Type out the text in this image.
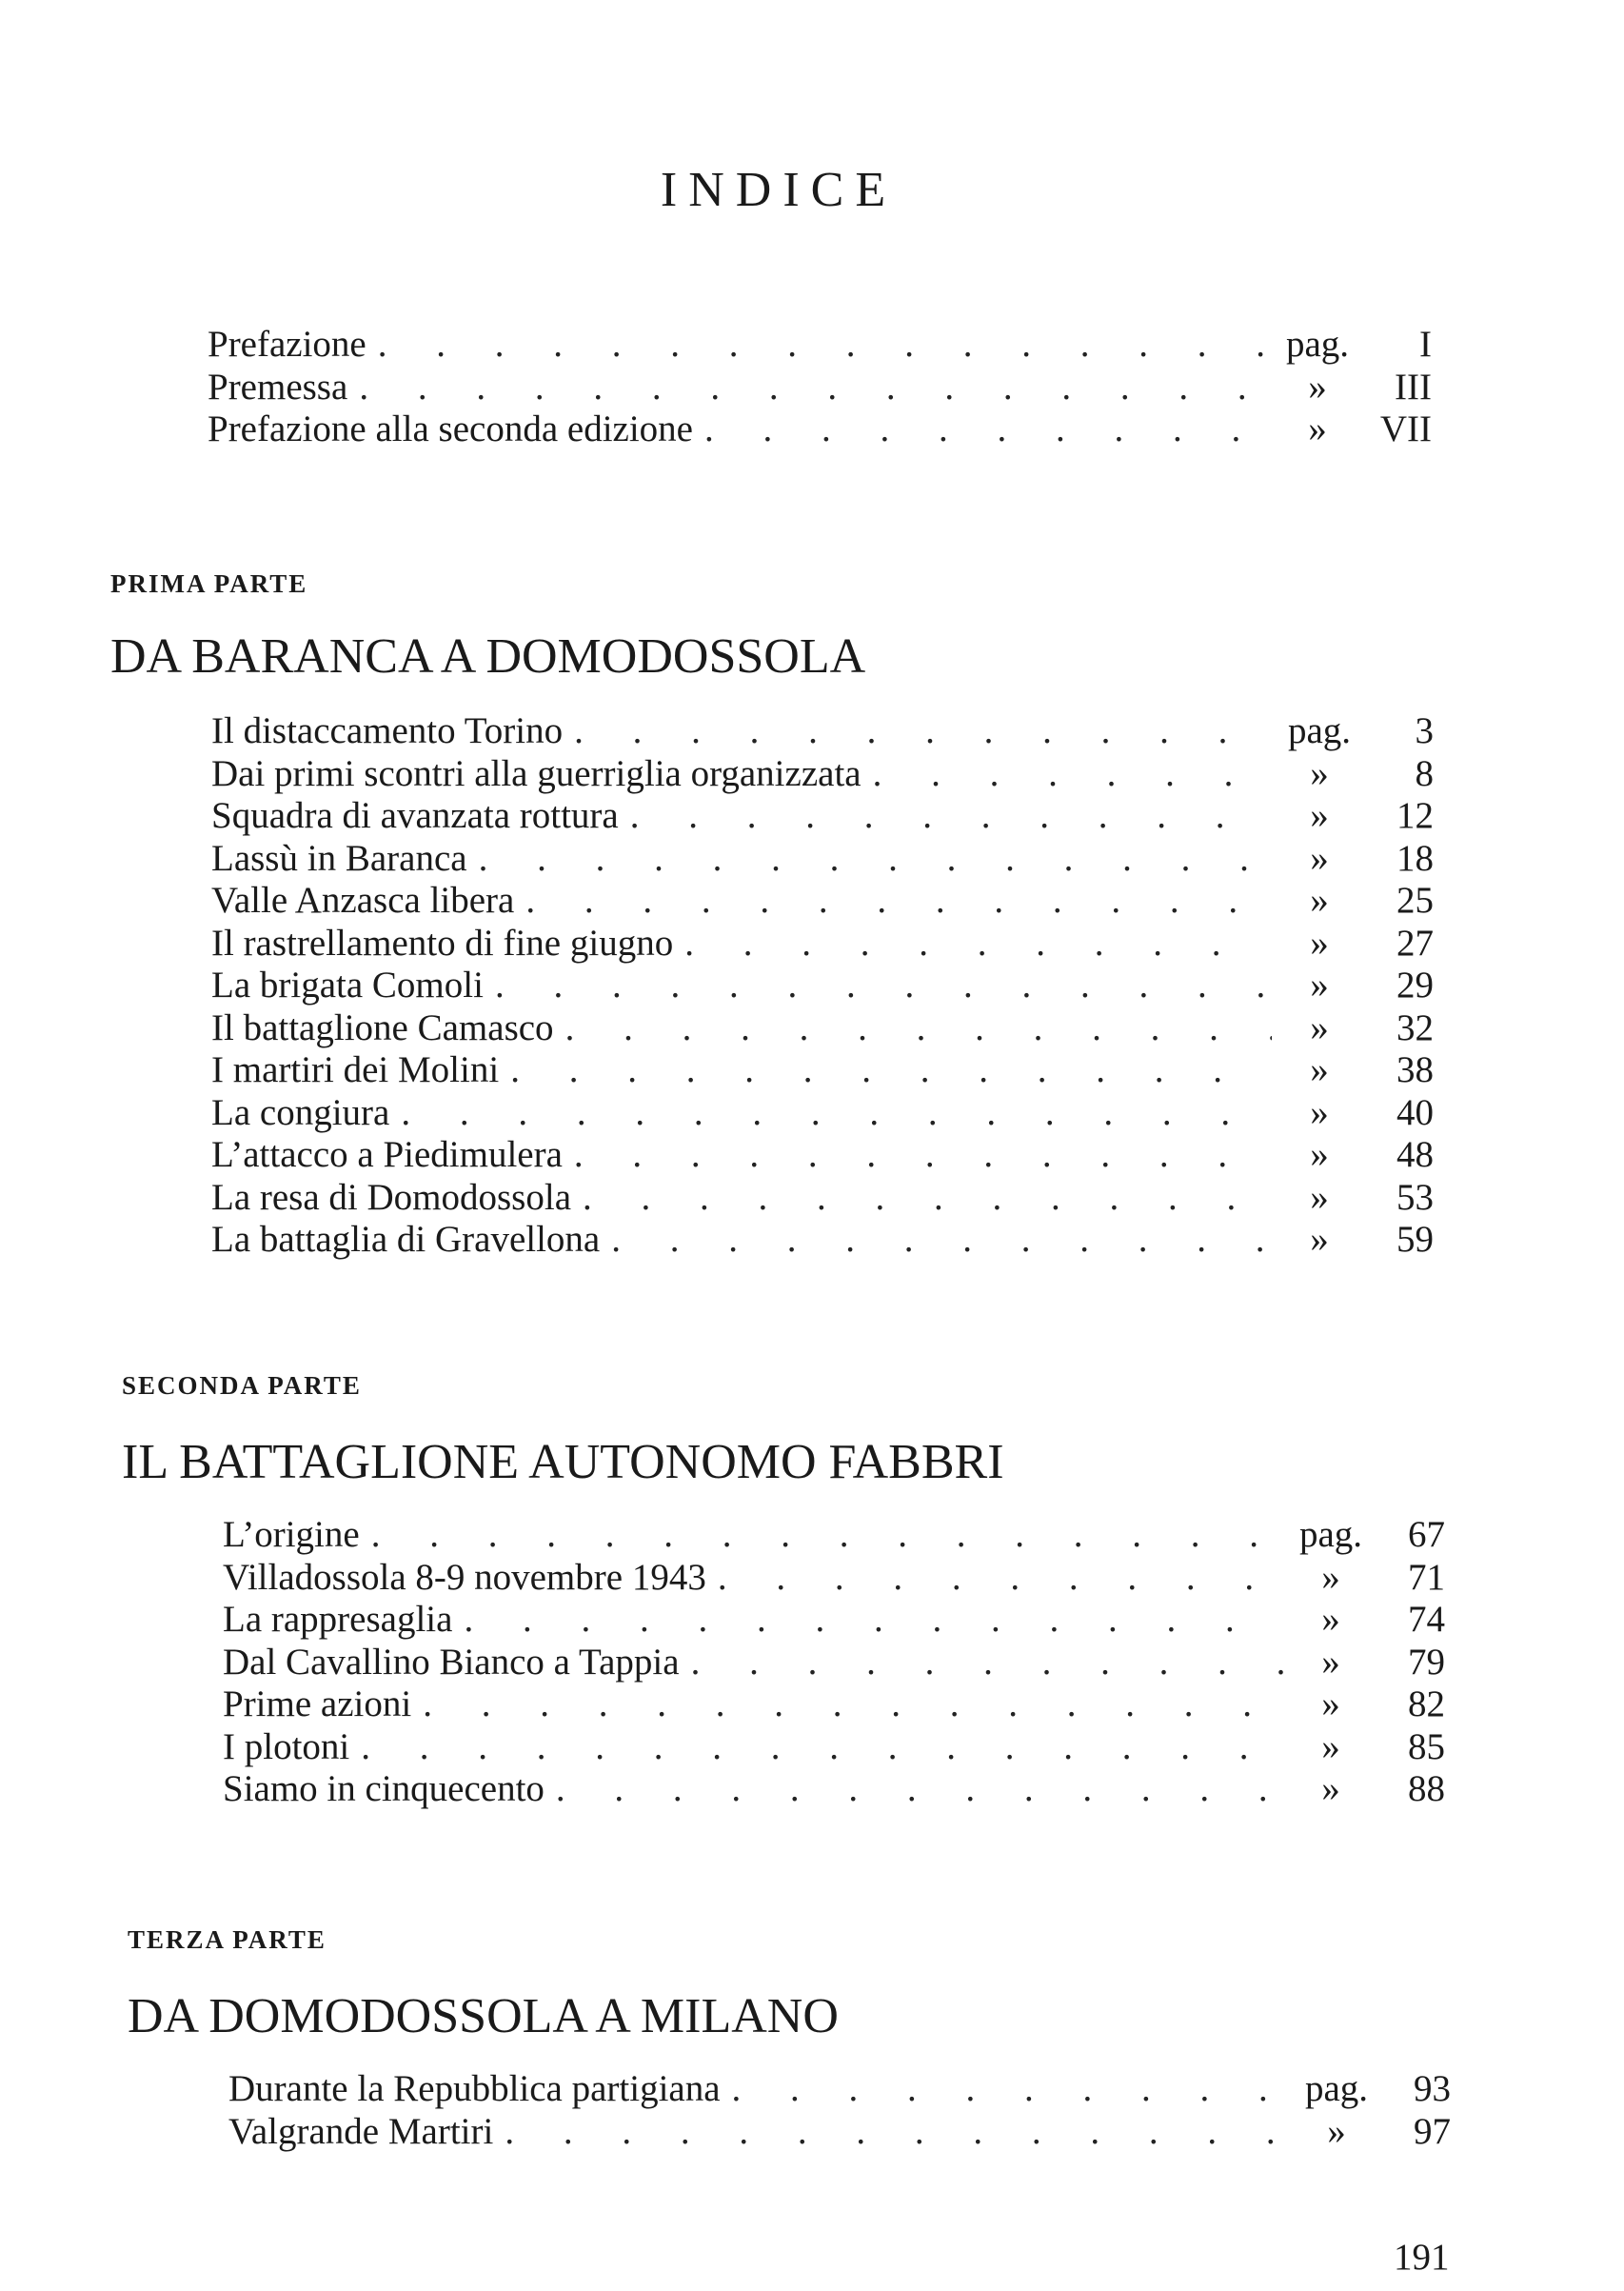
INDICE
Prefazione . . .	pag.	I
Premessa . . .	»	III
Prefazione alla seconda edizione . . .	»	VII
PRIMA PARTE
DA BARANCA A DOMODOSSOLA
Il distaccamento Torino . . .	pag.	3
Dai primi scontri alla guerriglia organizzata . . .	»	8
Squadra di avanzata rottura . . .	»	12
Lassù in Baranca . . .	»	18
Valle Anzasca libera . . .	»	25
Il rastrellamento di fine giugno . . .	»	27
La brigata Comoli . . .	»	29
Il battaglione Camasco . . .	»	32
I martiri dei Molini . . .	»	38
La congiura . . .	»	40
L’attacco a Piedimulera . . .	»	48
La resa di Domodossola . . .	»	53
La battaglia di Gravellona . . .	»	59
SECONDA PARTE
IL BATTAGLIONE AUTONOMO FABBRI
L’origine . . .	pag.	67
Villadossola 8-9 novembre 1943 . . .	»	71
La rappresaglia . . .	»	74
Dal Cavallino Bianco a Tappia . . .	»	79
Prime azioni . . .	»	82
I plotoni . . .	»	85
Siamo in cinquecento . . .	»	88
TERZA PARTE
DA DOMODOSSOLA A MILANO
Durante la Repubblica partigiana . . .	pag.	93
Valgrande Martiri . . .	»	97
191
